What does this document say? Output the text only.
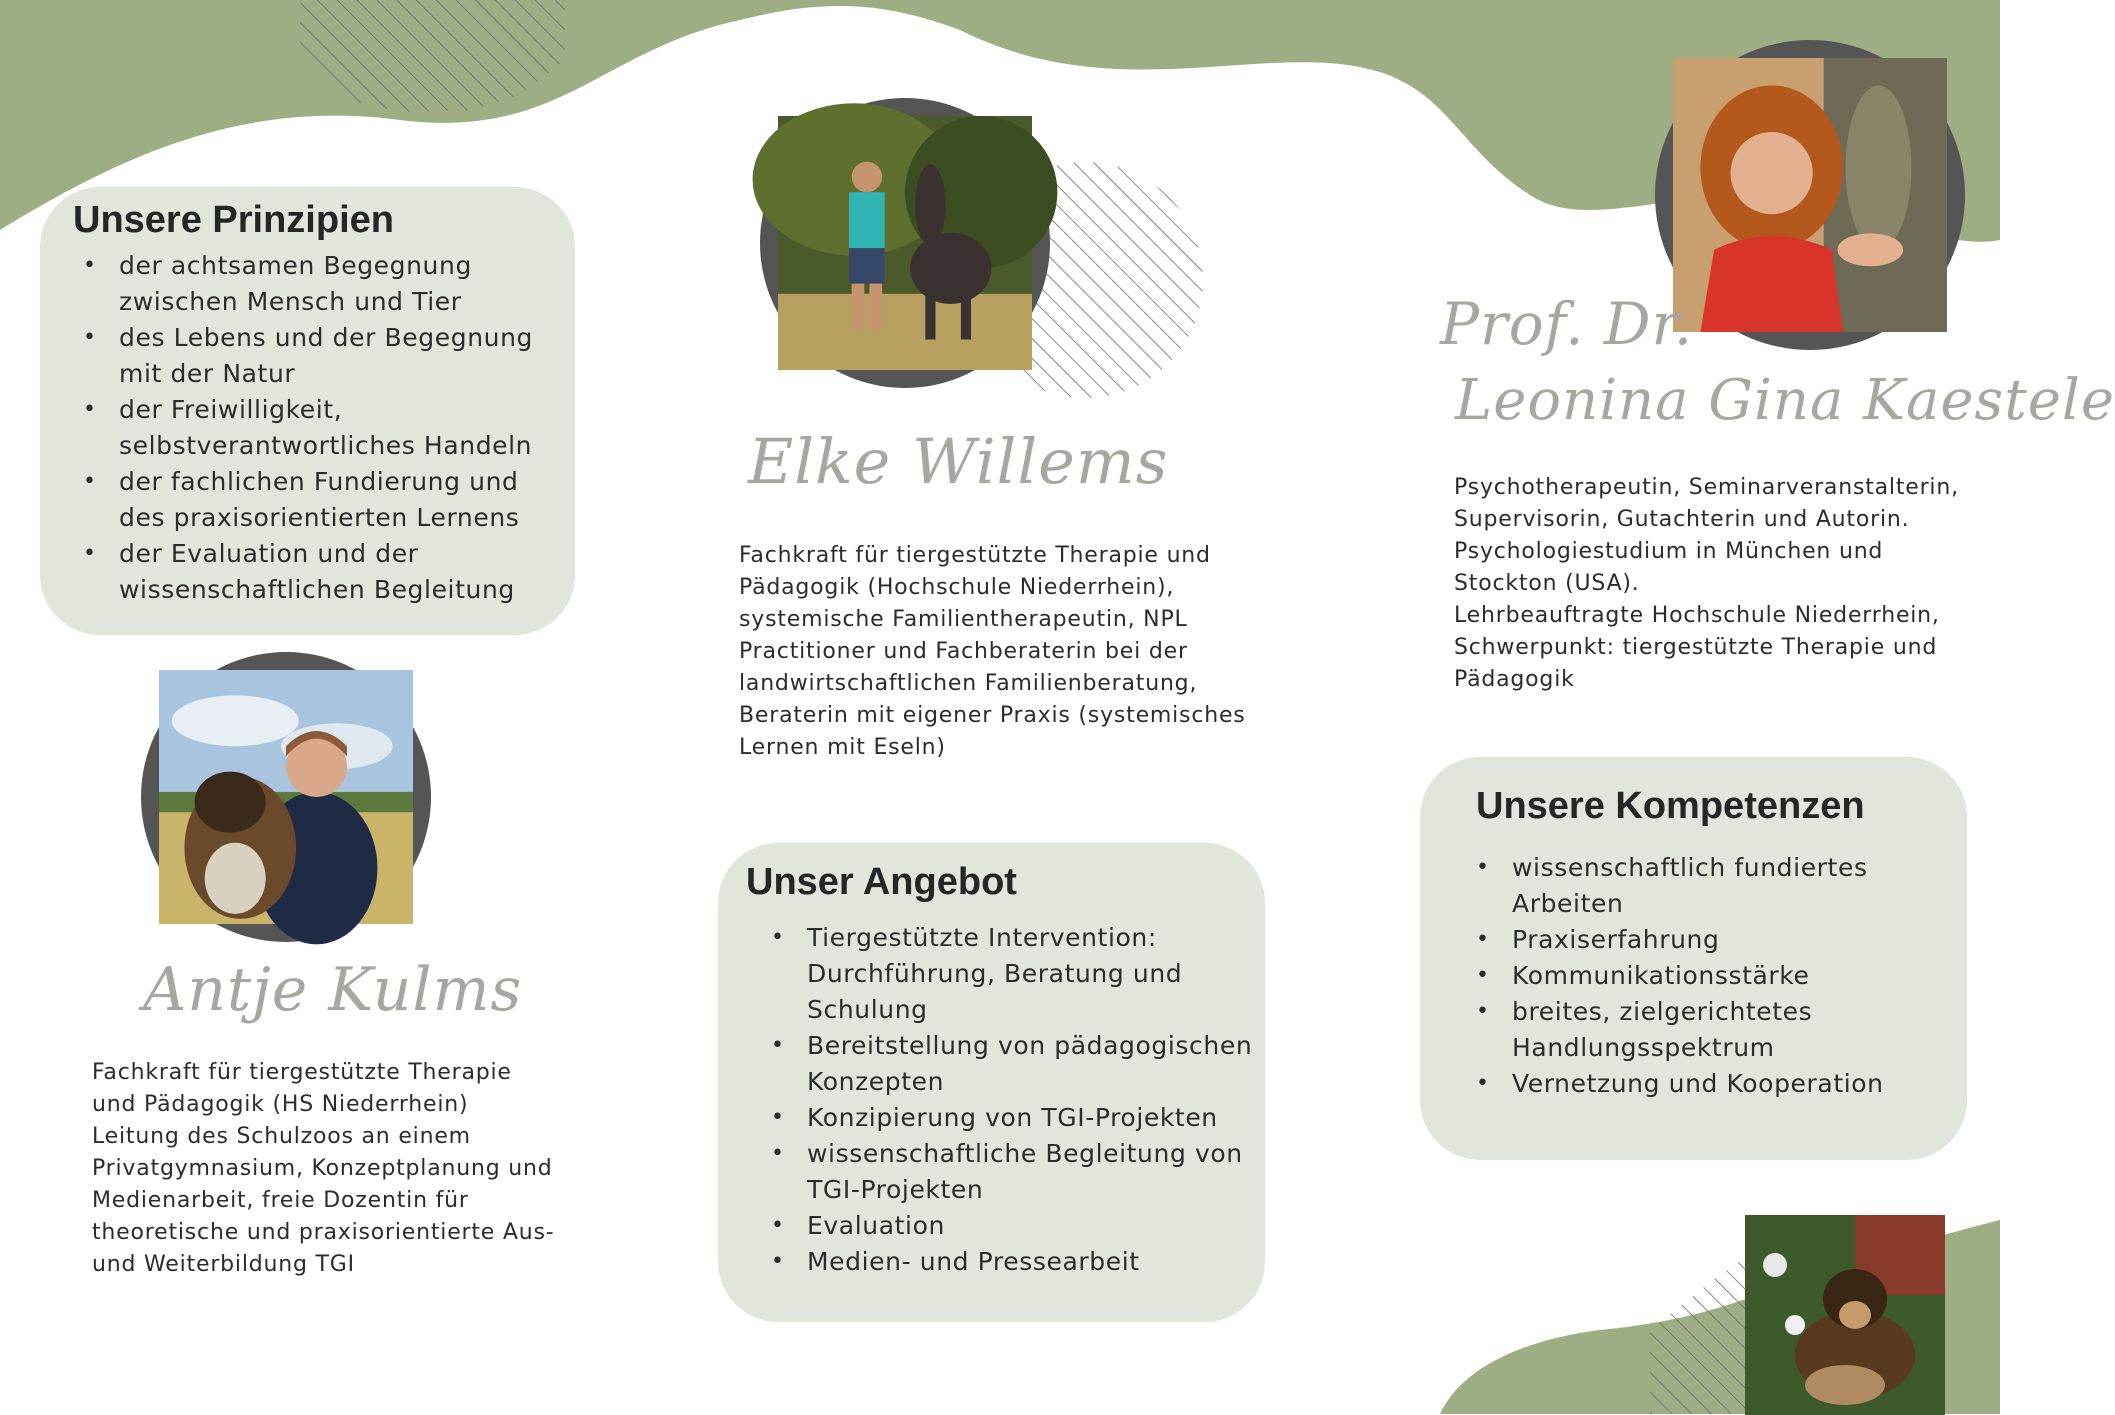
Unsere Prinzipien
• der achtsamen Begegnung zwischen Mensch und Tier
• des Lebens und der Begegnung mit der Natur
• der Freiwilligkeit, selbstverantwortliches Handeln
• der fachlichen Fundierung und des praxisorientierten Lernens
• der Evaluation und der wissenschaftlichen Begleitung
Antje Kulms
Fachkraft für tiergestützte Therapie
und Pädagogik (HS Niederrhein)
Leitung des Schulzoos an einem
Privatgymnasium, Konzeptplanung und
Medienarbeit, freie Dozentin für
theoretische und praxisorientierte Aus-
und Weiterbildung TGI
Elke Willems
Fachkraft für tiergestützte Therapie und
Pädagogik (Hochschule Niederrhein),
systemische Familientherapeutin, NPL
Practitioner und Fachberaterin bei der
landwirtschaftlichen Familienberatung,
Beraterin mit eigener Praxis (systemisches
Lernen mit Eseln)
Unser Angebot
• Tiergestützte Intervention: Durchführung, Beratung und Schulung
• Bereitstellung von pädagogischen Konzepten
• Konzipierung von TGI-Projekten
• wissenschaftliche Begleitung von TGI-Projekten
• Evaluation
• Medien- und Pressearbeit
Prof. Dr.
Leonina Gina Kaestele
Psychotherapeutin, Seminarveranstalterin,
Supervisorin, Gutachterin und Autorin.
Psychologiestudium in München und
Stockton (USA).
Lehrbeauftragte Hochschule Niederrhein,
Schwerpunkt: tiergestützte Therapie und
Pädagogik
Unsere Kompetenzen
• wissenschaftlich fundiertes Arbeiten
• Praxiserfahrung
• Kommunikationsstärke
• breites, zielgerichtetes Handlungsspektrum
• Vernetzung und Kooperation
